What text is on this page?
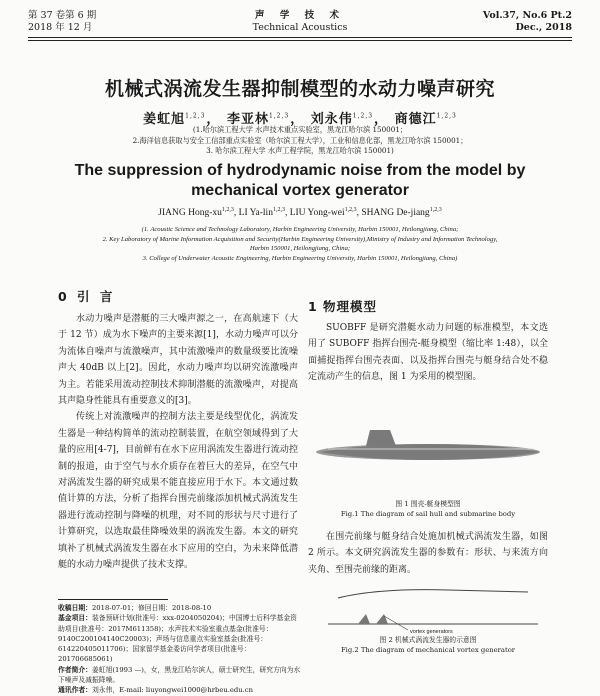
第 37 卷第 6 期
2018 年 12 月
声 学 技 术
Technical Acoustics
Vol.37, No.6 Pt.2
Dec., 2018
机械式涡流发生器抑制模型的水动力噪声研究
姜虹旭$^{1,2,3}$， 李亚林$^{1,2,3}$， 刘永伟$^{1,2,3}$， 商德江$^{1,2,3}$
(1.哈尔滨工程大学 水声技术重点实验室，黑龙江哈尔滨 150001；
2.海洋信息获取与安全工信部重点实验室（哈尔滨工程大学），工业和信息化部，黑龙江哈尔滨 150001；
3. 哈尔滨工程大学 水声工程学院，黑龙江哈尔滨 150001)
The suppression of hydrodynamic noise from the model by
mechanical vortex generator
JIANG Hong-xu$^{1,2,3}$, LI Ya-lin$^{1,2,3}$, LIU Yong-wei$^{1,2,3}$, SHANG De-jiang$^{1,2,3}$
(1. Acoustic Science and Technology Laboratory, Harbin Engineering University, Harbin 150001, Heilongjiang, China;
2. Key Laboratory of Marine Information Acquisition and Security(Harbin Engineering University),Ministry of Industry and Information Technology,
Harbin 150001, Heilongjiang, China;
3. College of Underwater Acoustic Engineering, Harbin Engineering University, Harbin 150001, Heilongjiang, China)
0 引 言

水动力噪声是潜艇的三大噪声源之一，在高航速下（大于 12 节）成为水下噪声的主要来源[1]，水动力噪声可以分为流体自噪声与流激噪声，其中流激噪声的数量级要比流噪声大 40dB 以上[2]。因此，水动力噪声均以研究流激噪声为主。若能采用流动控制技术抑制潜艇的流激噪声，对提高其声隐身性能具有重要意义的[3]。

传统上对流激噪声的控制方法主要是线型优化，涡流发生器是一种结构简单的流动控制装置，在航空领域得到了大量的应用[4-7]，目前鲜有在水下应用涡流发生器进行流动控制的报道，由于空气与水介质存在着巨大的差异，在空气中对涡流发生器的研究成果不能直接应用于水下。本文通过数值计算的方法，分析了指挥台围壳前缘添加机械式涡流发生器进行流动控制与降噪的机理，对不同的形状与尺寸进行了计算研究，以选取最佳降噪效果的涡流发生器。本文的研究填补了机械式涡流发生器在水下应用的空白，为未来降低潜艇的水动力噪声提供了技术支撑。

收稿日期：2018-07-01；修回日期：2018-08-10
基金项目：装备预研计划(批准号：xxx-0204050204)；中国博士后科学基金资助项目(批准号：2017M611358)；水声技术实验室重点基金(批准号：9140C200104140C20003)；声场与信息重点实验室基金(批准号：614220405011706)；国家留学基金委访问学者项目(批准号：201706685061)
作者简介：姜虹旭(1993 —)，女，黑龙江哈尔滨人，硕士研究生，研究方向为水下噪声及减振降噪。
通讯作者：刘永伟，E-mail: liuyongwei1000@hrbeu.edu.cn
1 物理模型

SUOBFF 是研究潜艇水动力问题的标准模型，本文选用了 SUBOFF 指挥台围壳-艇身模型（缩比率 1:48），以全面捕捉指挥台围壳表面、以及指挥台围壳与艇身结合处不稳定流动产生的信息，图 1 为采用的模型图。

图 1 围壳-艇身模型图
Fig.1 The diagram of sail hull and submarine body

在围壳前缘与艇身结合处施加机械式涡流发生器，如图 2 所示。本文研究涡流发生器的参数有：形状、与来流方向夹角、至围壳前缘的距离。

vortex generators
图 2 机械式涡流发生器的示意图
Fig.2 The diagram of mechanical vortex generator
